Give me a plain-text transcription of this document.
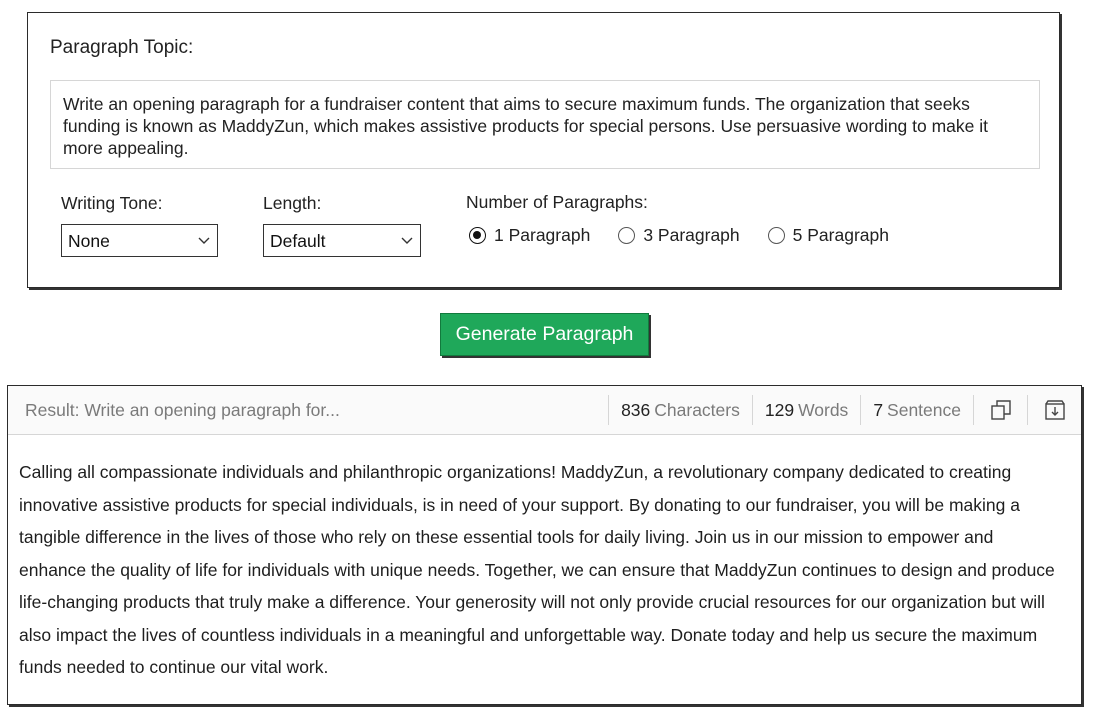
Paragraph Topic:
Write an opening paragraph for a fundraiser content that aims to secure maximum funds. The organization that seeks funding is known as MaddyZun, which makes assistive products for special persons. Use persuasive wording to make it more appealing.
Writing Tone:
None
Length:
Default
Number of Paragraphs:
1 Paragraph	3 Paragraph	5 Paragraph
Generate Paragraph
Result: Write an opening paragraph for...	836 Characters 129 Words 7 Sentence
Calling all compassionate individuals and philanthropic organizations! MaddyZun, a revolutionary company dedicated to creating innovative assistive products for special individuals, is in need of your support. By donating to our fundraiser, you will be making a tangible difference in the lives of those who rely on these essential tools for daily living. Join us in our mission to empower and enhance the quality of life for individuals with unique needs. Together, we can ensure that MaddyZun continues to design and produce life-changing products that truly make a difference. Your generosity will not only provide crucial resources for our organization but will also impact the lives of countless individuals in a meaningful and unforgettable way. Donate today and help us secure the maximum funds needed to continue our vital work.
